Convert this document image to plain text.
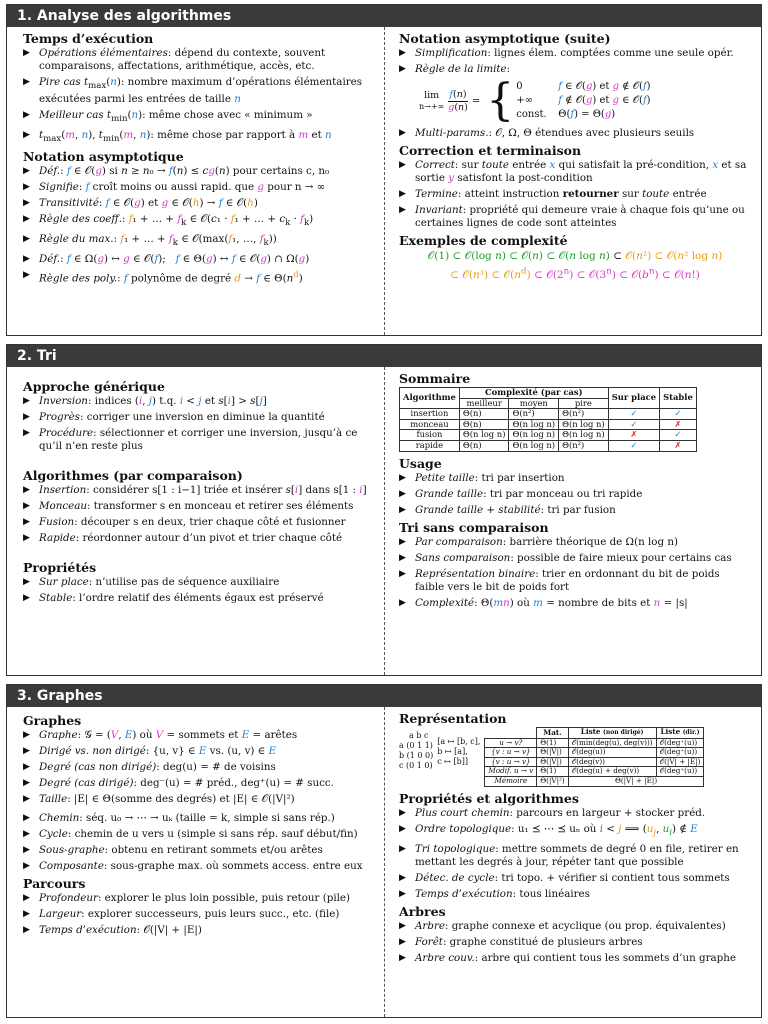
1. Analyse des algorithmes
Temps d’exécution
▶ Opérations élémentaires: dépend du contexte, souvent comparaisons, affectations, arithmétique, accès, etc.
▶ Pire cas $t_{max}(n)$: nombre maximum d’opérations élémentaires exécutées parmi les entrées de taille n
▶ Meilleur cas $t_{min}(n)$: même chose avec « minimum »
▶ $t_{max}(m$, n), $t_{min}(m$, n): même chose par rapport à m et n
Notation asymptotique
▶ Déf.: f ∈ 𝒪(g) si n ≥ n₀ → f(n) ≤ cg(n) pour certains c, n₀
▶ Signifie: f croît moins ou aussi rapid. que g pour n → ∞
▶ Transitivité: f ∈ 𝒪(g) et g ∈ 𝒪(h) → f ∈ 𝒪(h)
▶ Règle des coeff.: f₁ + … + $f_k$ ∈ 𝒪(c₁ · f₁ + … + $c_k \cdot f_k$)
▶ Règle du max.: f₁ + … + $f_k$ ∈ 𝒪(max(f₁, …, $f_k$))
▶ Déf.: f ∈ Ω(g) ↔ g ∈ 𝒪(f);   f ∈ Θ(g) ↔ f ∈ 𝒪(g) ∩ Ω(g)
▶ Règle des poly.: f polynôme de degré d → f ∈ $\Theta(n^d)$
Notation asymptotique (suite)
▶ Simplification: lignes élem. comptées comme une seule opér.
▶ Règle de la limite:
lim
$n\to+\infty \frac{f(n)}{g(n)}$ = { 0	f ∈ 𝒪(g) et g ∉ 𝒪(f)
+∞	f ∉ 𝒪(g) et g ∈ 𝒪(f)
const. Θ(f) = Θ(g)
▶ Multi-params.: 𝒪, Ω, Θ étendues avec plusieurs seuils
Correction et terminaison
▶ Correct: sur toute entrée x qui satisfait la pré-condition, x et sa sortie y satisfont la post-condition
▶ Termine: atteint instruction retourner sur toute entrée
▶ Invariant: propriété qui demeure vraie à chaque fois qu’une ou certaines lignes de code sont atteintes
Exemples de complexité
𝒪(1) ⊂ 𝒪(log n) ⊂ 𝒪(n) ⊂ 𝒪(n log n) ⊂ 𝒪(n²) ⊂ 𝒪(n² log n)
⊂ 𝒪(n³) ⊂ $𝒪(n^d)$ ⊂ 𝒪(2$^n$) ⊂ 𝒪(3$^n$) ⊂ $𝒪(b^n)$ ⊂ 𝒪(n!)
2. Tri
Approche générique
▶ Inversion: indices (i, j) t.q. i < j et s[i] > s[j]
▶ Progrès: corriger une inversion en diminue la quantité
▶ Procédure: sélectionner et corriger une inversion, jusqu’à ce qu’il n’en reste plus
Algorithmes (par comparaison)
▶ Insertion: considérer s[1 : i−1] triée et insérer s[i] dans s[1 : i]
▶ Monceau: transformer s en monceau et retirer ses éléments
▶ Fusion: découper s en deux, trier chaque côté et fusionner
▶ Rapide: réordonner autour d’un pivot et trier chaque côté
Propriétés
▶ Sur place: n’utilise pas de séquence auxiliaire
▶ Stable: l’ordre relatif des éléments égaux est préservé
Sommaire
Algorithme	Complexité (par cas)			Sur place	Stable
	meilleur	moyen	pire		
insertion	Θ(n)	Θ(n²)	Θ(n²)	✓	✓
monceau	Θ(n)	Θ(n log n)	Θ(n log n)	✓	✗
fusion	Θ(n log n)	Θ(n log n)	Θ(n log n)	✗	✓
rapide	Θ(n)	Θ(n log n)	Θ(n²)	✓	✗
Usage
▶ Petite taille: tri par insertion
▶ Grande taille: tri par monceau ou tri rapide
▶ Grande taille + stabilité: tri par fusion
Tri sans comparaison
▶ Par comparaison: barrière théorique de Ω(n log n)
▶ Sans comparaison: possible de faire mieux pour certains cas
▶ Représentation binaire: trier en ordonnant du bit de poids faible vers le bit de poids fort
▶ Complexité: Θ(mn) où m = nombre de bits et n = |s|
3. Graphes
Graphes
▶ Graphe: 𝒢 = (V, E) où V = sommets et E = arêtes
▶ Dirigé vs. non dirigé: {u, v} ∈ E vs. (u, v) ∈ E
▶ Degré (cas non dirigé): deg(u) = # de voisins
▶ Degré (cas dirigé): deg⁻(u) = # préd., deg⁺(u) = # succ.
▶ Taille: |E| ∈ Θ(somme des degrés) et |E| ∈ 𝒪(|V|²)
▶ Chemin: séq. u₀ → ⋯ → uₖ (taille = k, simple si sans rép.)
▶ Cycle: chemin de u vers u (simple si sans rép. sauf début/fin)
▶ Sous-graphe: obtenu en retirant sommets et/ou arêtes
▶ Composante: sous-graphe max. où sommets access. entre eux
Parcours
▶ Profondeur: explorer le plus loin possible, puis retour (pile)
▶ Largeur: explorer successeurs, puis leurs succ., etc. (file)
▶ Temps d’exécution: 𝒪(|V| + |E|)
Représentation
a b c
a (0 1 1)
b (1 0 0)
c (0 1 0)
[a ↦ [b, c],
b ↦ [a],
c ↦ [b]]
	Mat.	Liste (non dirigé)	Liste (dir.)
u → v?	Θ(1)	𝒪(min(deg(u), deg(v)))	𝒪(deg⁺(u))
{v : u → v}	Θ(|V|)	𝒪(deg(u))	𝒪(deg⁺(u))
{v : u → v}	Θ(|V|)	𝒪(deg(v))	𝒪(|V| + |E|)
Modif. u → v	Θ(1)	𝒪(deg(u) + deg(v))	𝒪(deg⁺(u))
Mémoire	Θ(|V|²)	Θ(|V| + |E|)	
Propriétés et algorithmes
▶ Plus court chemin: parcours en largeur + stocker préd.
▶ Ordre topologique: u₁ ⪯ ⋯ ⪯ uₙ où i < j ⟹ ($u_j$, $u_i$) ∉ E
▶ Tri topologique: mettre sommets de degré 0 en file, retirer en mettant les degrés à jour, répéter tant que possible
▶ Détec. de cycle: tri topo. + vérifier si contient tous sommets
▶ Temps d’exécution: tous linéaires
Arbres
▶ Arbre: graphe connexe et acyclique (ou prop. équivalentes)
▶ Forêt: graphe constitué de plusieurs arbres
▶ Arbre couv.: arbre qui contient tous les sommets d’un graphe
